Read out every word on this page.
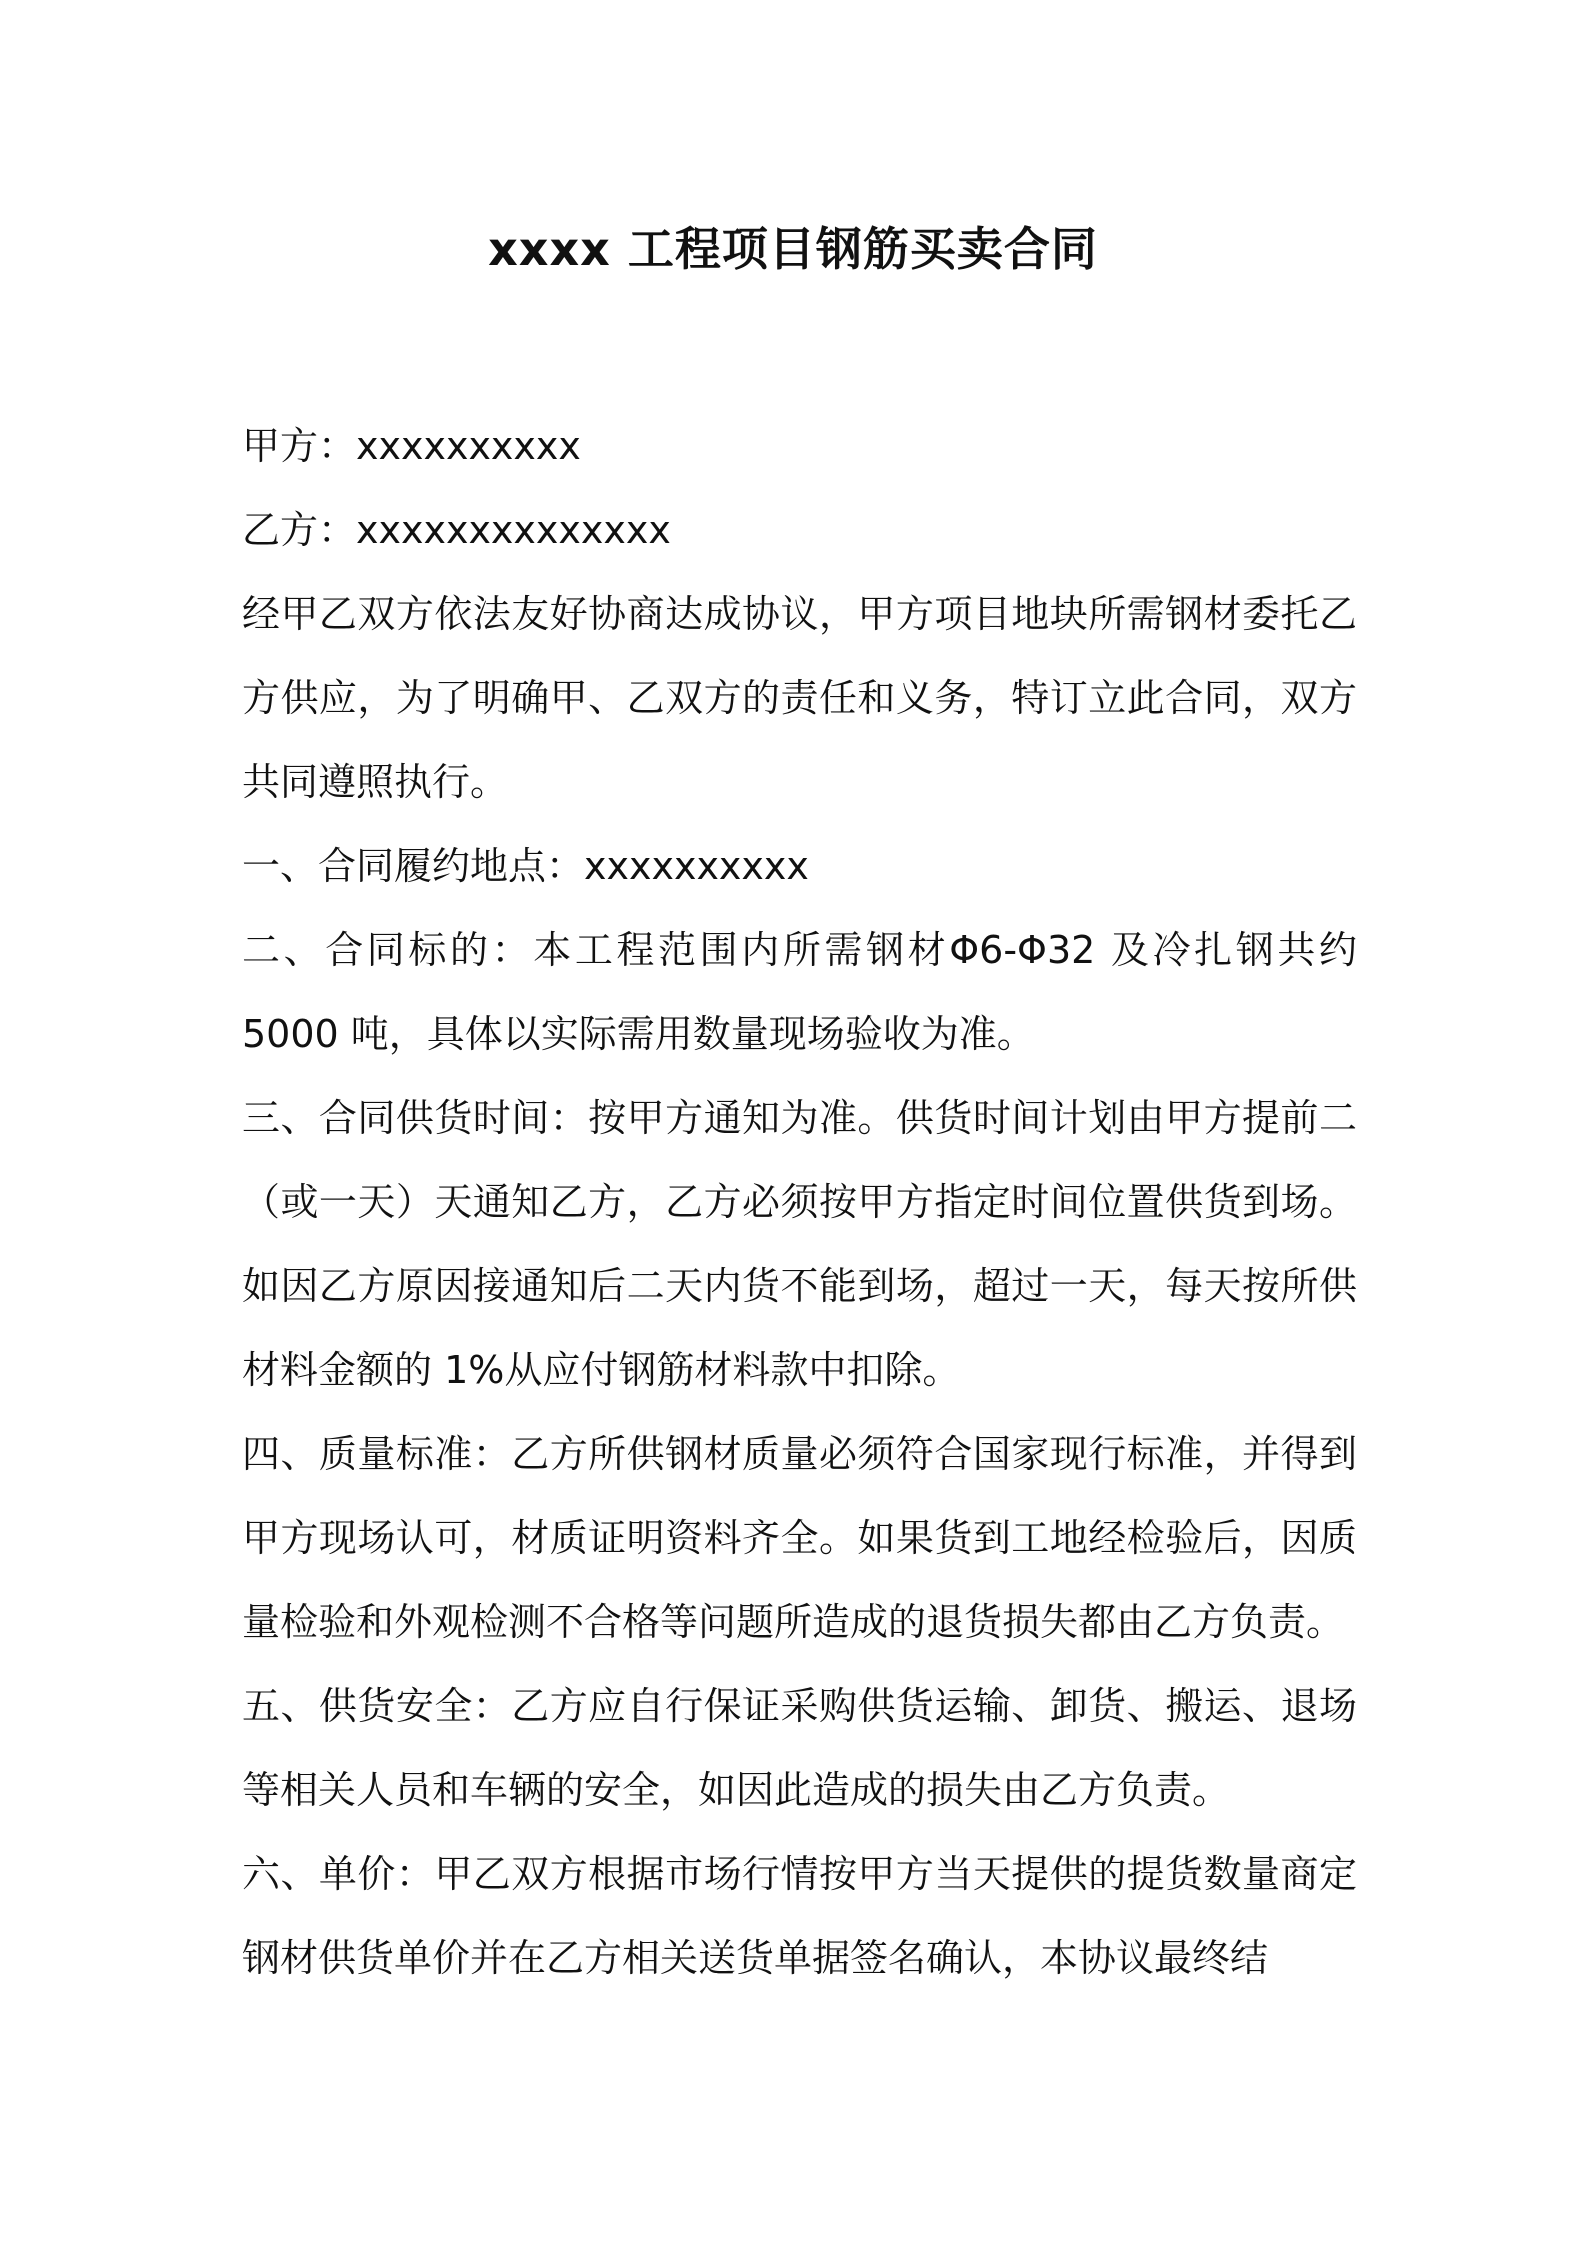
xxxx 工程项目钢筋买卖合同

甲方：xxxxxxxxxx

乙方：xxxxxxxxxxxxxx

经甲乙双方依法友好协商达成协议，甲方项目地块所需钢材委托乙方供应，为了明确甲、乙双方的责任和义务，特订立此合同，双方共同遵照执行。

一、合同履约地点：xxxxxxxxxx

二、合同标的：本工程范围内所需钢材Φ6-Φ32 及冷扎钢共约 5000 吨，具体以实际需用数量现场验收为准。

三、合同供货时间：按甲方通知为准。供货时间计划由甲方提前二（或一天）天通知乙方，乙方必须按甲方指定时间位置供货到场。如因乙方原因接通知后二天内货不能到场，超过一天，每天按所供材料金额的 1%从应付钢筋材料款中扣除。

四、质量标准：乙方所供钢材质量必须符合国家现行标准，并得到甲方现场认可，材质证明资料齐全。如果货到工地经检验后，因质量检验和外观检测不合格等问题所造成的退货损失都由乙方负责。

五、供货安全：乙方应自行保证采购供货运输、卸货、搬运、退场等相关人员和车辆的安全，如因此造成的损失由乙方负责。

六、单价：甲乙双方根据市场行情按甲方当天提供的提货数量商定钢材供货单价并在乙方相关送货单据签名确认，本协议最终结
